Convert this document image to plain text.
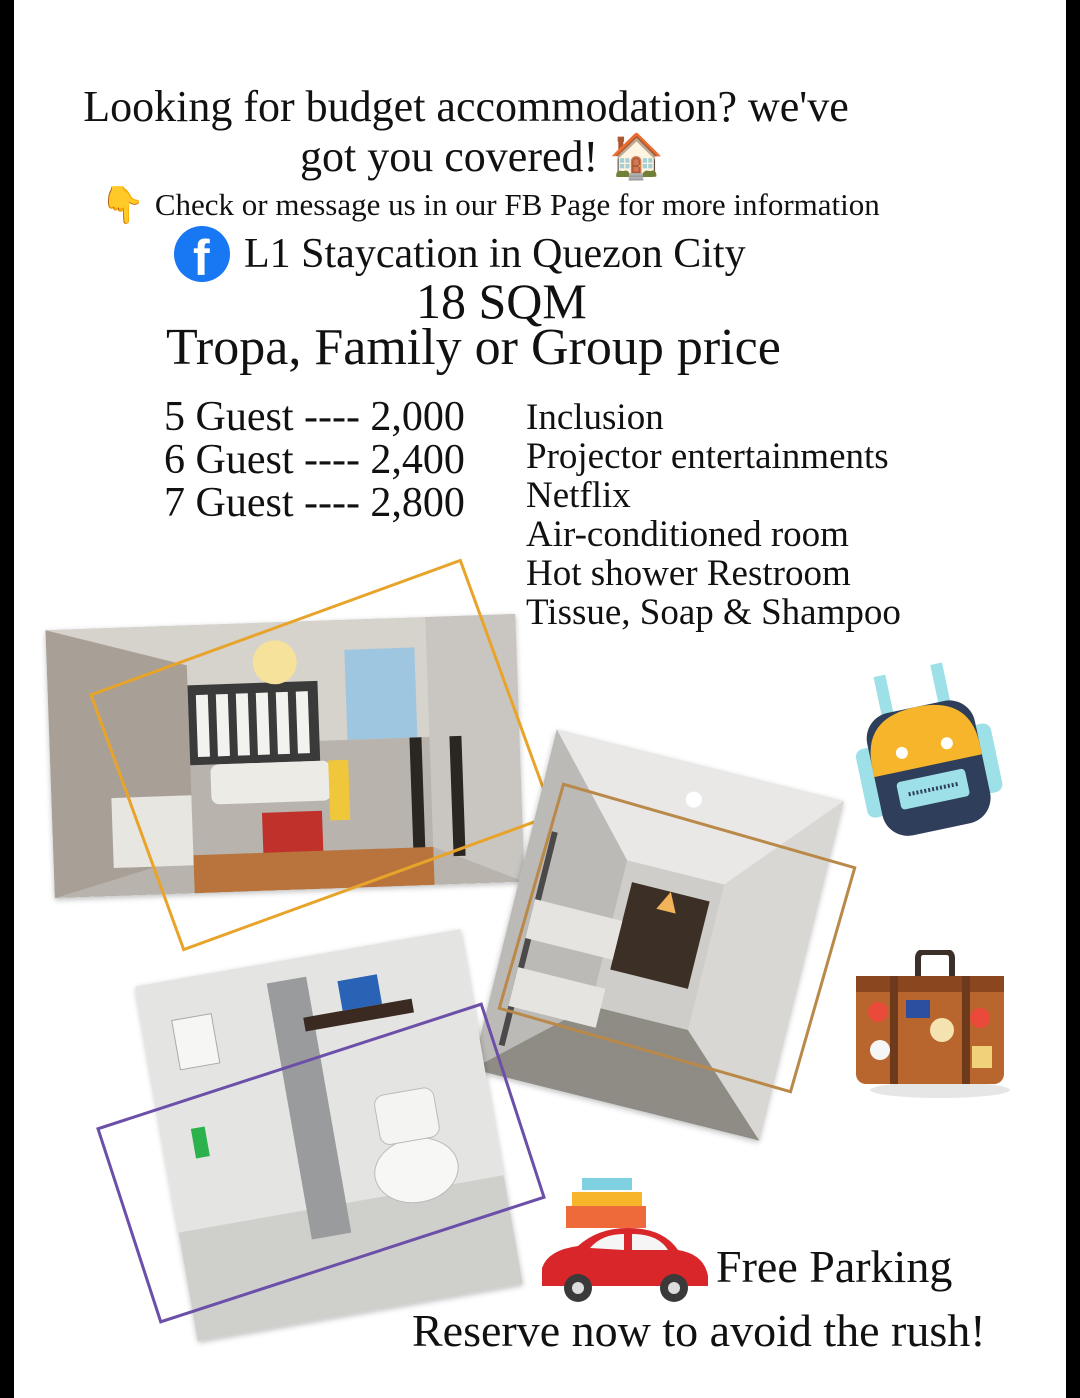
Looking for budget accommodation? we've
got you covered! 🏠
👇 Check or message us in our FB Page for more information
f L1 Staycation in Quezon City
18 SQM
Tropa, Family or Group price
5 Guest ---- 2,000
6 Guest ---- 2,400
7 Guest ---- 2,800
Inclusion
Projector entertainments
Netflix
Air-conditioned room
Hot shower Restroom
Tissue, Soap & Shampoo
Free Parking
Reserve now to avoid the rush!
